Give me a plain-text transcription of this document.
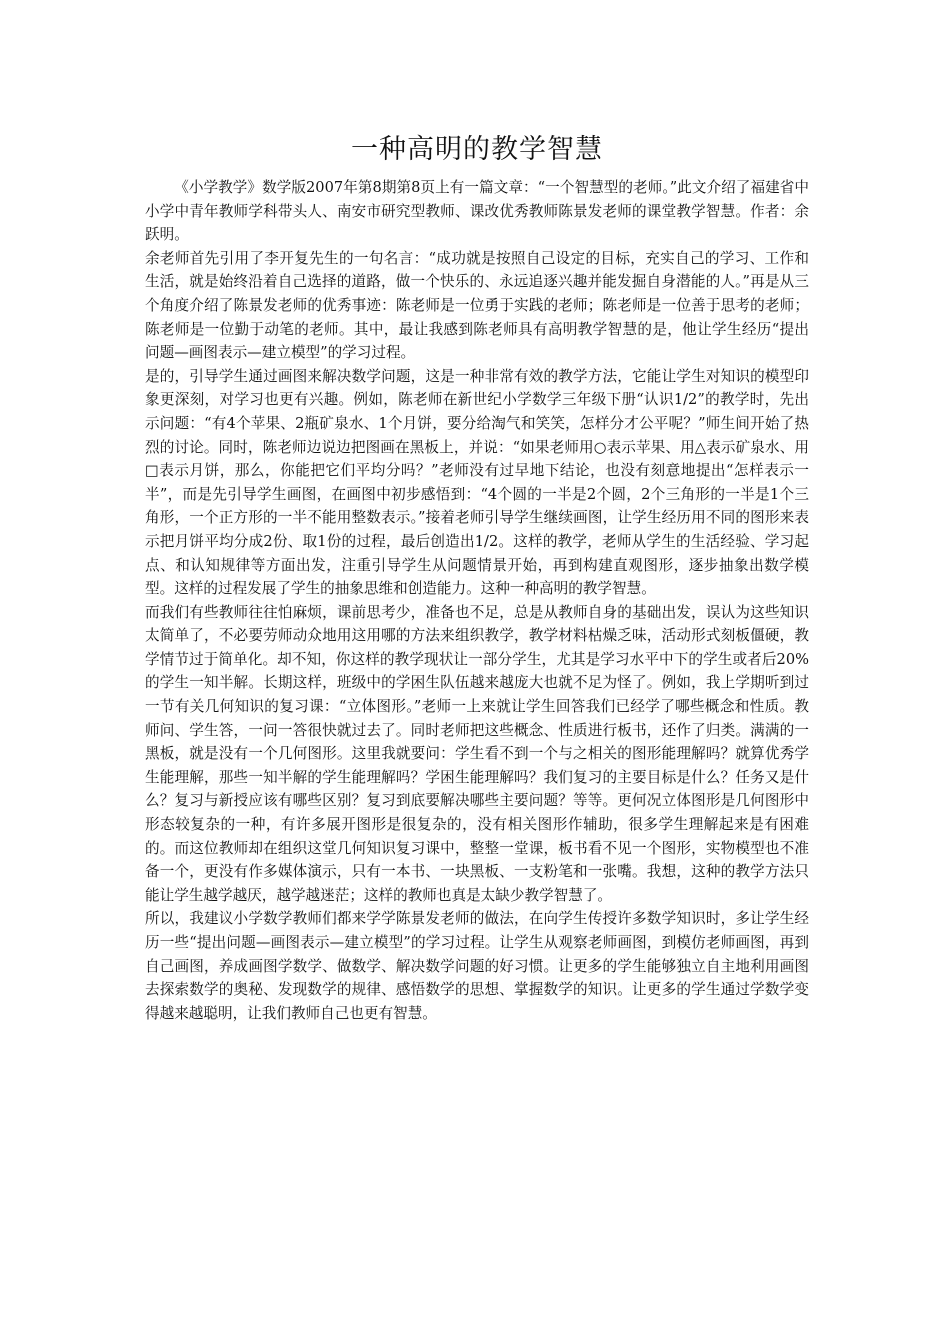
一种高明的教学智慧

《小学教学》数学版2007年第8期第8页上有一篇文章：“一个智慧型的老师。”此文介绍了福建省中小学中青年教师学科带头人、南安市研究型教师、课改优秀教师陈景发老师的课堂教学智慧。作者：余跃明。

余老师首先引用了李开复先生的一句名言：“成功就是按照自己设定的目标，充实自己的学习、工作和生活，就是始终沿着自己选择的道路，做一个快乐的、永远追逐兴趣并能发掘自身潜能的人。”再是从三个角度介绍了陈景发老师的优秀事迹：陈老师是一位勇于实践的老师；陈老师是一位善于思考的老师；陈老师是一位勤于动笔的老师。其中，最让我感到陈老师具有高明教学智慧的是，他让学生经历“提出问题—画图表示—建立模型”的学习过程。

是的，引导学生通过画图来解决数学问题，这是一种非常有效的教学方法，它能让学生对知识的模型印象更深刻，对学习也更有兴趣。例如，陈老师在新世纪小学数学三年级下册“认识1/2”的教学时，先出示问题：“有4个苹果、2瓶矿泉水、1个月饼，要分给淘气和笑笑，怎样分才公平呢？”师生间开始了热烈的讨论。同时，陈老师边说边把图画在黑板上，并说：“如果老师用○表示苹果、用△表示矿泉水、用□表示月饼，那么，你能把它们平均分吗？”老师没有过早地下结论，也没有刻意地提出“怎样表示一半”，而是先引导学生画图，在画图中初步感悟到：“4个圆的一半是2个圆，2个三角形的一半是1个三角形，一个正方形的一半不能用整数表示。”接着老师引导学生继续画图，让学生经历用不同的图形来表示把月饼平均分成2份、取1份的过程，最后创造出1/2。这样的教学，老师从学生的生活经验、学习起点、和认知规律等方面出发，注重引导学生从问题情景开始，再到构建直观图形，逐步抽象出数学模型。这样的过程发展了学生的抽象思维和创造能力。这种一种高明的教学智慧。

而我们有些教师往往怕麻烦，课前思考少，准备也不足，总是从教师自身的基础出发，误认为这些知识太简单了，不必要劳师动众地用这用哪的方法来组织教学，教学材料枯燥乏味，活动形式刻板僵硬，教学情节过于简单化。却不知，你这样的教学现状让一部分学生，尤其是学习水平中下的学生或者后20%的学生一知半解。长期这样，班级中的学困生队伍越来越庞大也就不足为怪了。例如，我上学期听到过一节有关几何知识的复习课：“立体图形。”老师一上来就让学生回答我们已经学了哪些概念和性质。教师问、学生答，一问一答很快就过去了。同时老师把这些概念、性质进行板书，还作了归类。满满的一黑板，就是没有一个几何图形。这里我就要问：学生看不到一个与之相关的图形能理解吗？就算优秀学生能理解，那些一知半解的学生能理解吗？学困生能理解吗？我们复习的主要目标是什么？任务又是什么？复习与新授应该有哪些区别？复习到底要解决哪些主要问题？等等。更何况立体图形是几何图形中形态较复杂的一种，有许多展开图形是很复杂的，没有相关图形作辅助，很多学生理解起来是有困难的。而这位教师却在组织这堂几何知识复习课中，整整一堂课，板书看不见一个图形，实物模型也不准备一个，更没有作多媒体演示，只有一本书、一块黑板、一支粉笔和一张嘴。我想，这种的教学方法只能让学生越学越厌，越学越迷茫；这样的教师也真是太缺少教学智慧了。

所以，我建议小学数学教师们都来学学陈景发老师的做法，在向学生传授许多数学知识时，多让学生经历一些“提出问题—画图表示—建立模型”的学习过程。让学生从观察老师画图，到模仿老师画图，再到自己画图，养成画图学数学、做数学、解决数学问题的好习惯。让更多的学生能够独立自主地利用画图去探索数学的奥秘、发现数学的规律、感悟数学的思想、掌握数学的知识。让更多的学生通过学数学变得越来越聪明，让我们教师自己也更有智慧。
